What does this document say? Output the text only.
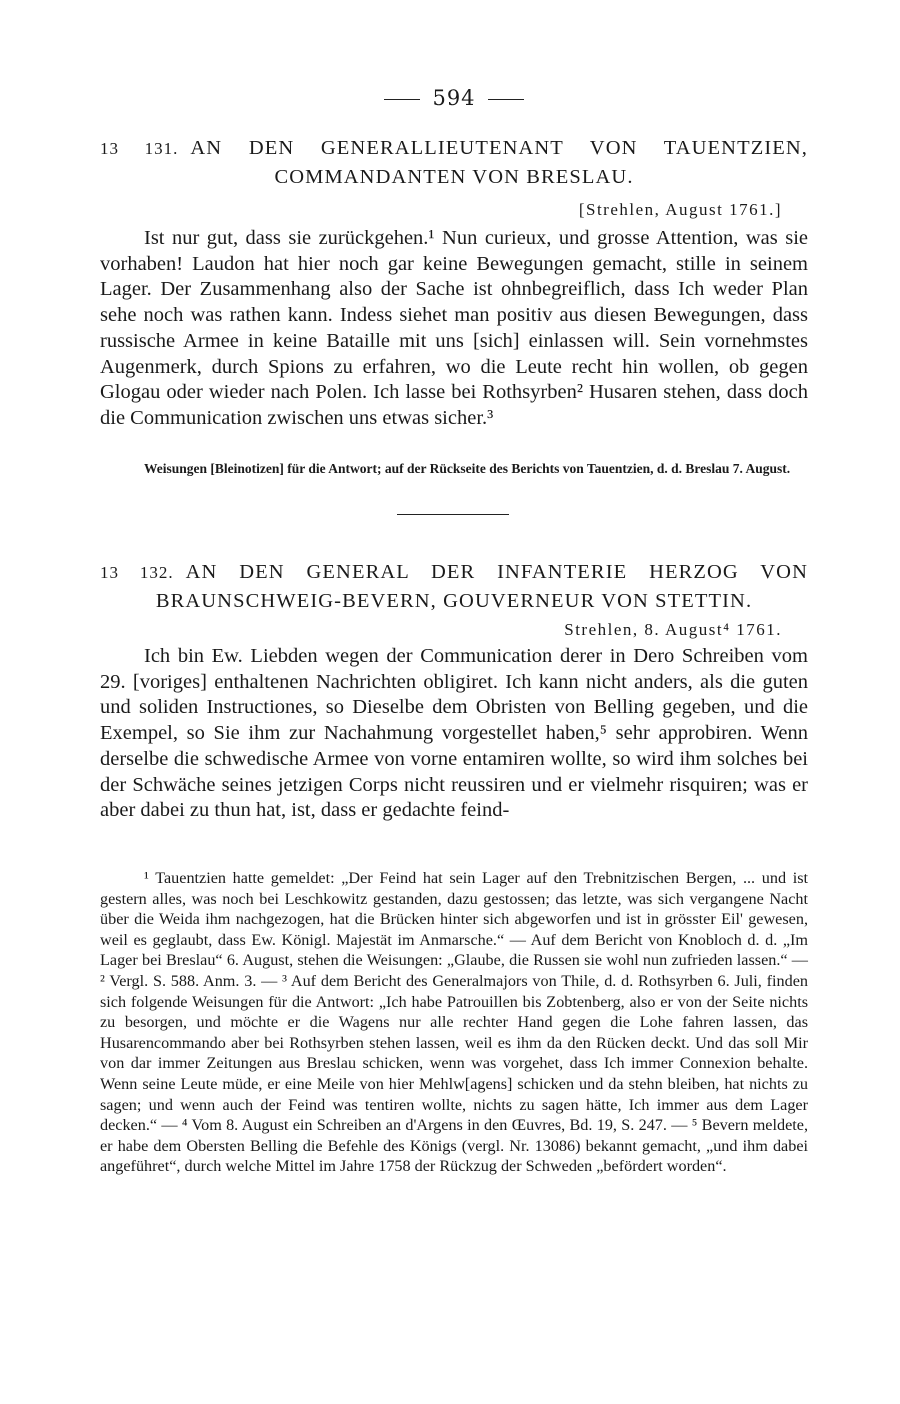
594
13 131. AN DEN GENERALLIEUTENANT VON TAUENTZIEN,
COMMANDANTEN VON BRESLAU.
[Strehlen, August 1761.]

Ist nur gut, dass sie zurückgehen.¹ Nun curieux, und grosse Attention, was sie vorhaben! Laudon hat hier noch gar keine Bewegungen gemacht, stille in seinem Lager. Der Zusammenhang also der Sache ist ohnbegreiflich, dass Ich weder Plan sehe noch was rathen kann. Indess siehet man positiv aus diesen Bewegungen, dass russische Armee in keine Bataille mit uns [sich] einlassen will. Sein vornehmstes Augenmerk, durch Spions zu erfahren, wo die Leute recht hin wollen, ob gegen Glogau oder wieder nach Polen. Ich lasse bei Rothsyrben² Husaren stehen, dass doch die Communication zwischen uns etwas sicher.³

Weisungen [Bleinotizen] für die Antwort; auf der Rückseite des Berichts von Tauentzien, d. d. Breslau 7. August.

13 132. AN DEN GENERAL DER INFANTERIE HERZOG VON
BRAUNSCHWEIG-BEVERN, GOUVERNEUR VON STETTIN.
Strehlen, 8. August⁴ 1761.

Ich bin Ew. Liebden wegen der Communication derer in Dero Schreiben vom 29. [voriges] enthaltenen Nachrichten obligiret. Ich kann nicht anders, als die guten und soliden Instructiones, so Dieselbe dem Obristen von Belling gegeben, und die Exempel, so Sie ihm zur Nachahmung vorgestellet haben,⁵ sehr approbiren. Wenn derselbe die schwedische Armee von vorne entamiren wollte, so wird ihm solches bei der Schwäche seines jetzigen Corps nicht reussiren und er vielmehr risquiren; was er aber dabei zu thun hat, ist, dass er gedachte feind-

¹ Tauentzien hatte gemeldet: „Der Feind hat sein Lager auf den Trebnitzischen Bergen, ... und ist gestern alles, was noch bei Leschkowitz gestanden, dazu gestossen; das letzte, was sich vergangene Nacht über die Weida ihm nachgezogen, hat die Brücken hinter sich abgeworfen und ist in grösster Eil' gewesen, weil es geglaubt, dass Ew. Königl. Majestät im Anmarsche.“ — Auf dem Bericht von Knobloch d. d. „Im Lager bei Breslau“ 6. August, stehen die Weisungen: „Glaube, die Russen sie wohl nun zufrieden lassen.“ — ² Vergl. S. 588. Anm. 3. — ³ Auf dem Bericht des Generalmajors von Thile, d. d. Rothsyrben 6. Juli, finden sich folgende Weisungen für die Antwort: „Ich habe Patrouillen bis Zobtenberg, also er von der Seite nichts zu besorgen, und möchte er die Wagens nur alle rechter Hand gegen die Lohe fahren lassen, das Husarencommando aber bei Rothsyrben stehen lassen, weil es ihm da den Rücken deckt. Und das soll Mir von dar immer Zeitungen aus Breslau schicken, wenn was vorgehet, dass Ich immer Connexion behalte. Wenn seine Leute müde, er eine Meile von hier Mehlw[agens] schicken und da stehn bleiben, hat nichts zu sagen; und wenn auch der Feind was tentiren wollte, nichts zu sagen hätte, Ich immer aus dem Lager decken.“ — ⁴ Vom 8. August ein Schreiben an d'Argens in den Œuvres, Bd. 19, S. 247. — ⁵ Bevern meldete, er habe dem Obersten Belling die Befehle des Königs (vergl. Nr. 13086) bekannt gemacht, „und ihm dabei angeführet“, durch welche Mittel im Jahre 1758 der Rückzug der Schweden „befördert worden“.
